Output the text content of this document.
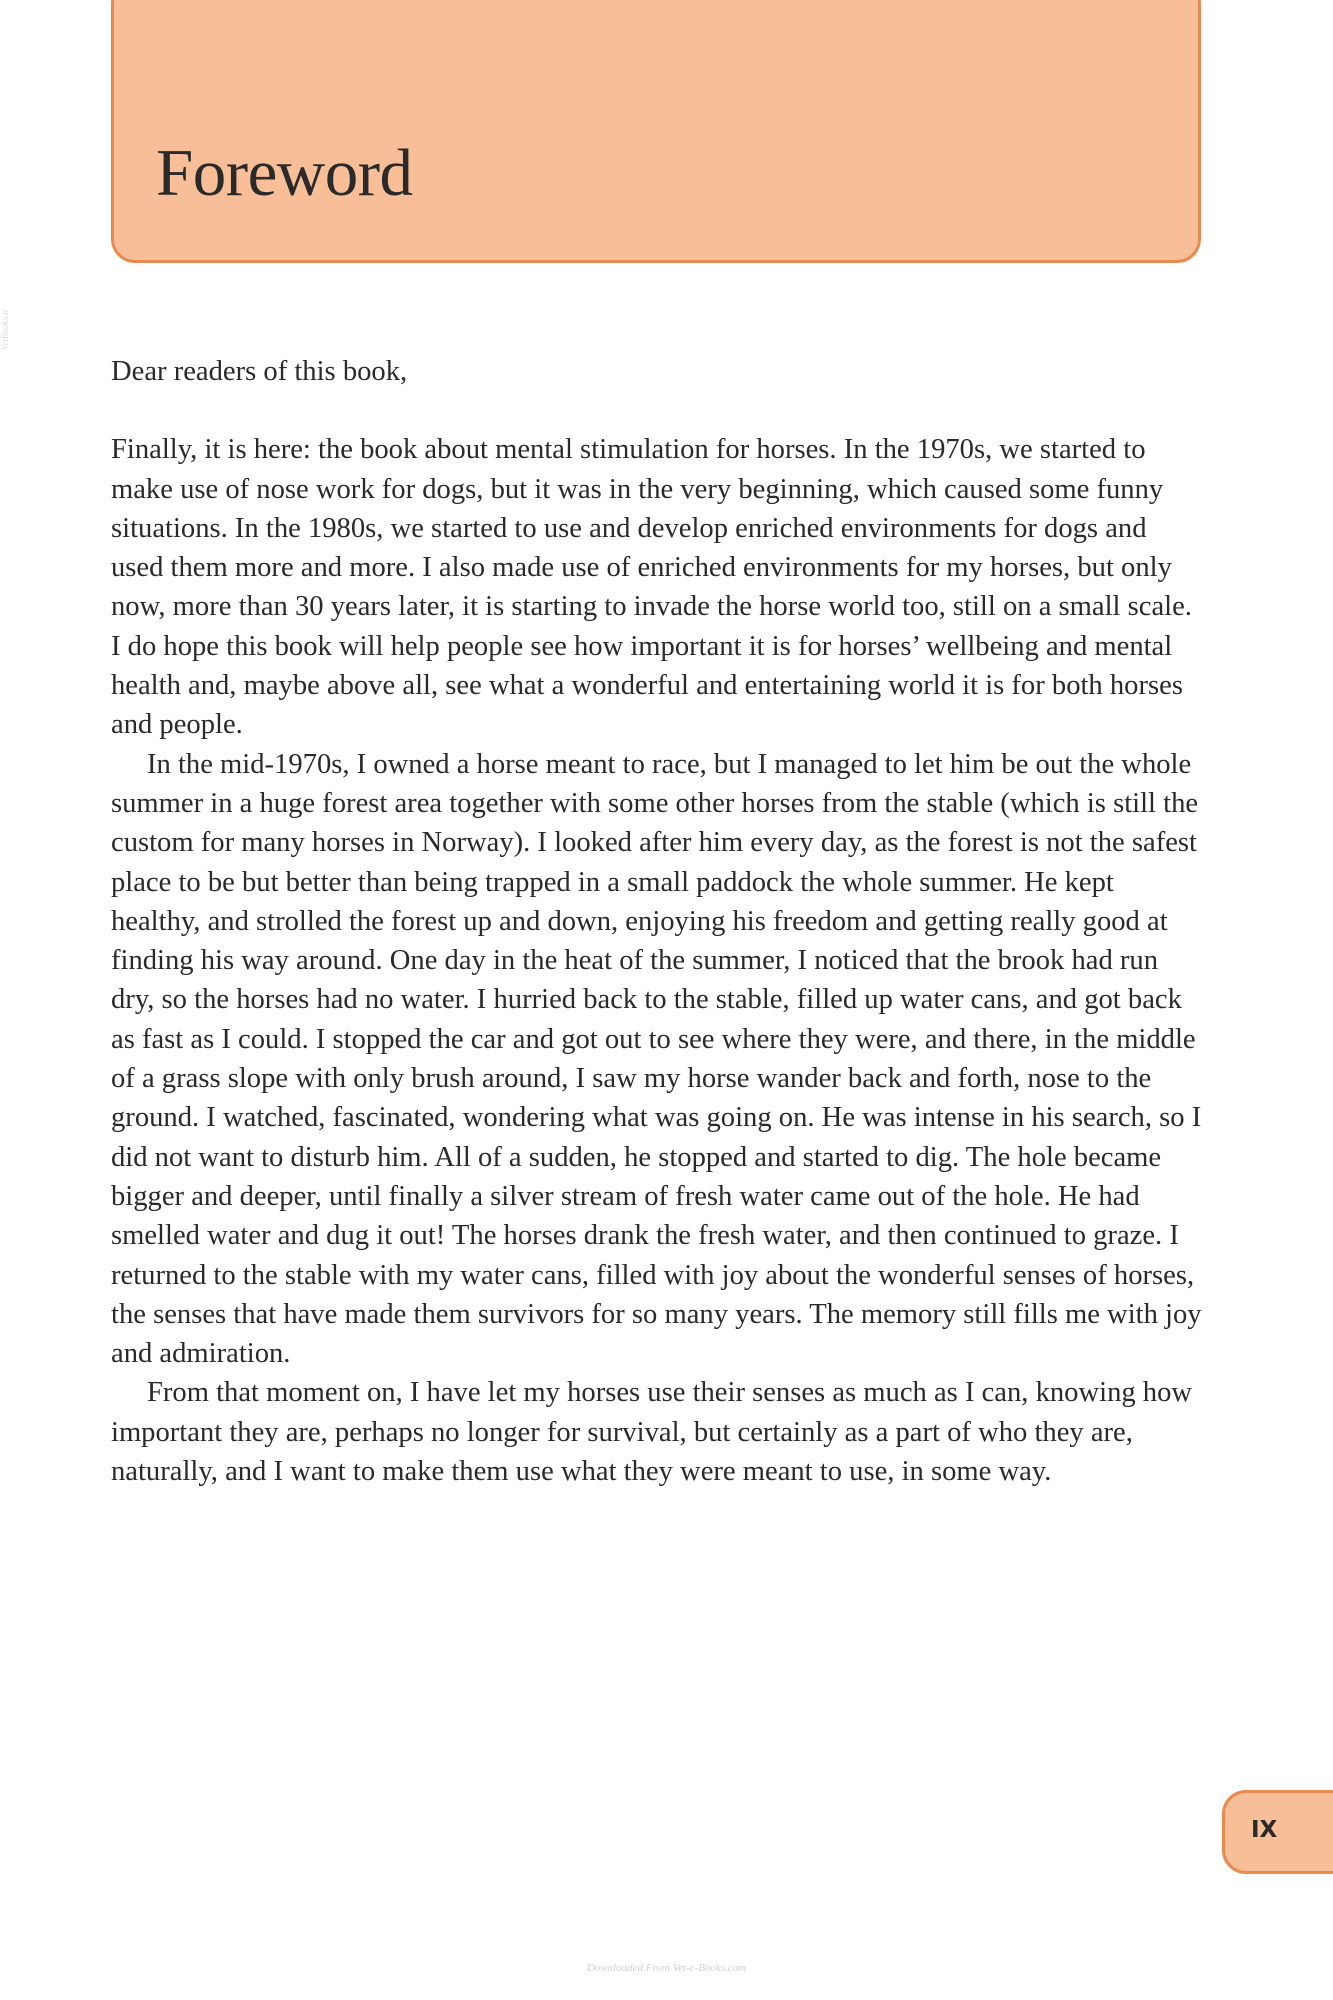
Foreword
VetBooks.ir

Dear readers of this book,

Finally, it is here: the book about mental stimulation for horses. In the 1970s, we started to make use of nose work for dogs, but it was in the very beginning, which caused some funny situations. In the 1980s, we started to use and develop enriched environments for dogs and used them more and more. I also made use of enriched environments for my horses, but only now, more than 30 years later, it is starting to invade the horse world too, still on a small scale. I do hope this book will help people see how important it is for horses’ wellbeing and mental health and, maybe above all, see what a wonderful and entertaining world it is for both horses and people.

In the mid-1970s, I owned a horse meant to race, but I managed to let him be out the whole summer in a huge forest area together with some other horses from the stable (which is still the custom for many horses in Norway). I looked after him every day, as the forest is not the safest place to be but better than being trapped in a small paddock the whole summer. He kept healthy, and strolled the forest up and down, enjoying his freedom and getting really good at finding his way around. One day in the heat of the summer, I noticed that the brook had run dry, so the horses had no water. I hurried back to the stable, filled up water cans, and got back as fast as I could. I stopped the car and got out to see where they were, and there, in the middle of a grass slope with only brush around, I saw my horse wander back and forth, nose to the ground. I watched, fascinated, wondering what was going on. He was intense in his search, so I did not want to disturb him. All of a sudden, he stopped and started to dig. The hole became bigger and deeper, until finally a silver stream of fresh water came out of the hole. He had smelled water and dug it out! The horses drank the fresh water, and then continued to graze. I returned to the stable with my water cans, filled with joy about the wonderful senses of horses, the senses that have made them survivors for so many years. The memory still fills me with joy and admiration.

From that moment on, I have let my horses use their senses as much as I can, knowing how important they are, perhaps no longer for survival, but certainly as a part of who they are, naturally, and I want to make them use what they were meant to use, in some way.

IX
Downloaded From Vet-e-Books.com
